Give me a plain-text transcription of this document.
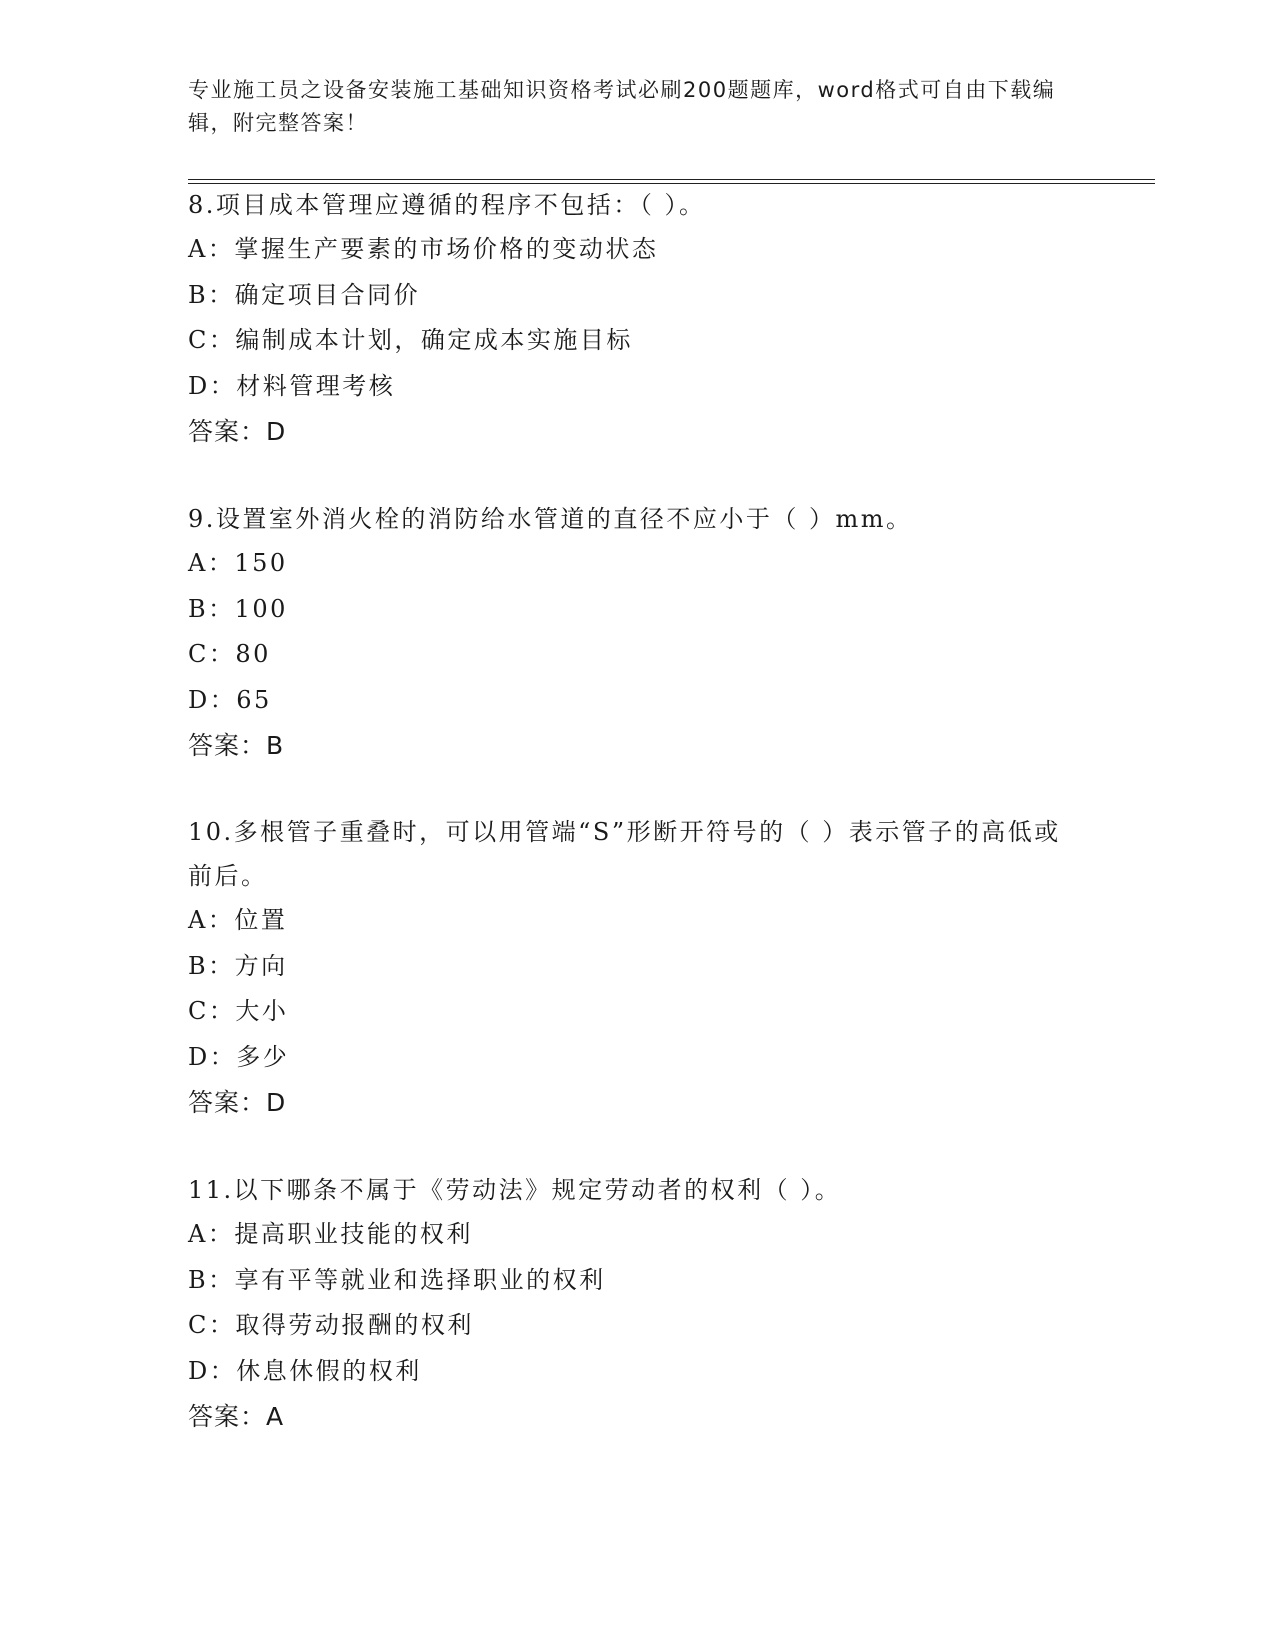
专业施工员之设备安装施工基础知识资格考试必刷200题题库，word格式可自由下载编辑，附完整答案！
8.项目成本管理应遵循的程序不包括：（ ）。
A：掌握生产要素的市场价格的变动状态
B：确定项目合同价
C：编制成本计划，确定成本实施目标
D：材料管理考核
答案：D
9.设置室外消火栓的消防给水管道的直径不应小于（ ）mm。
A：150
B：100
C：80
D：65
答案：B
10.多根管子重叠时，可以用管端“S”形断开符号的（ ）表示管子的高低或前后。
A：位置
B：方向
C：大小
D：多少
答案：D
11.以下哪条不属于《劳动法》规定劳动者的权利（ ）。
A：提高职业技能的权利
B：享有平等就业和选择职业的权利
C：取得劳动报酬的权利
D：休息休假的权利
答案：A
